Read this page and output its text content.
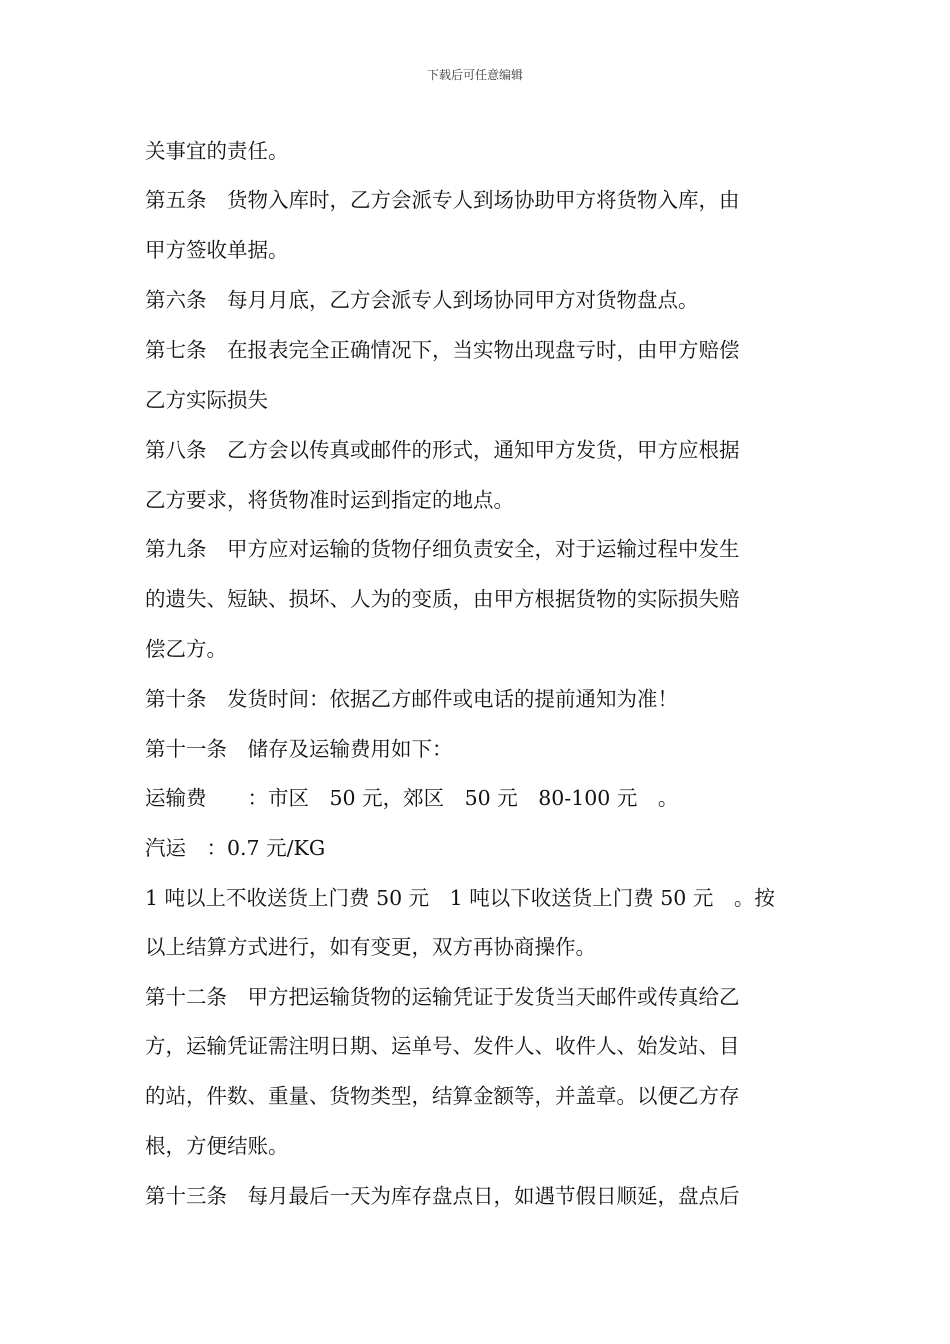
下载后可任意编辑
关事宜的责任。
第五条　货物入库时，乙方会派专人到场协助甲方将货物入库，由
甲方签收单据。
第六条　每月月底，乙方会派专人到场协同甲方对货物盘点。
第七条　在报表完全正确情况下，当实物出现盘亏时，由甲方赔偿
乙方实际损失
第八条　乙方会以传真或邮件的形式，通知甲方发货，甲方应根据
乙方要求，将货物准时运到指定的地点。
第九条　甲方应对运输的货物仔细负责安全，对于运输过程中发生
的遗失、短缺、损坏、人为的变质，由甲方根据货物的实际损失赔
偿乙方。
第十条　发货时间：依据乙方邮件或电话的提前通知为准！
第十一条　储存及运输费用如下：
运输费　　：市区　50 元，郊区　50 元　80-100 元　。
汽运　：0.7 元/KG
1 吨以上不收送货上门费 50 元　1 吨以下收送货上门费 50 元　。按
以上结算方式进行，如有变更，双方再协商操作。
第十二条　甲方把运输货物的运输凭证于发货当天邮件或传真给乙
方，运输凭证需注明日期、运单号、发件人、收件人、始发站、目
的站，件数、重量、货物类型，结算金额等，并盖章。以便乙方存
根，方便结账。
第十三条　每月最后一天为库存盘点日，如遇节假日顺延，盘点后
